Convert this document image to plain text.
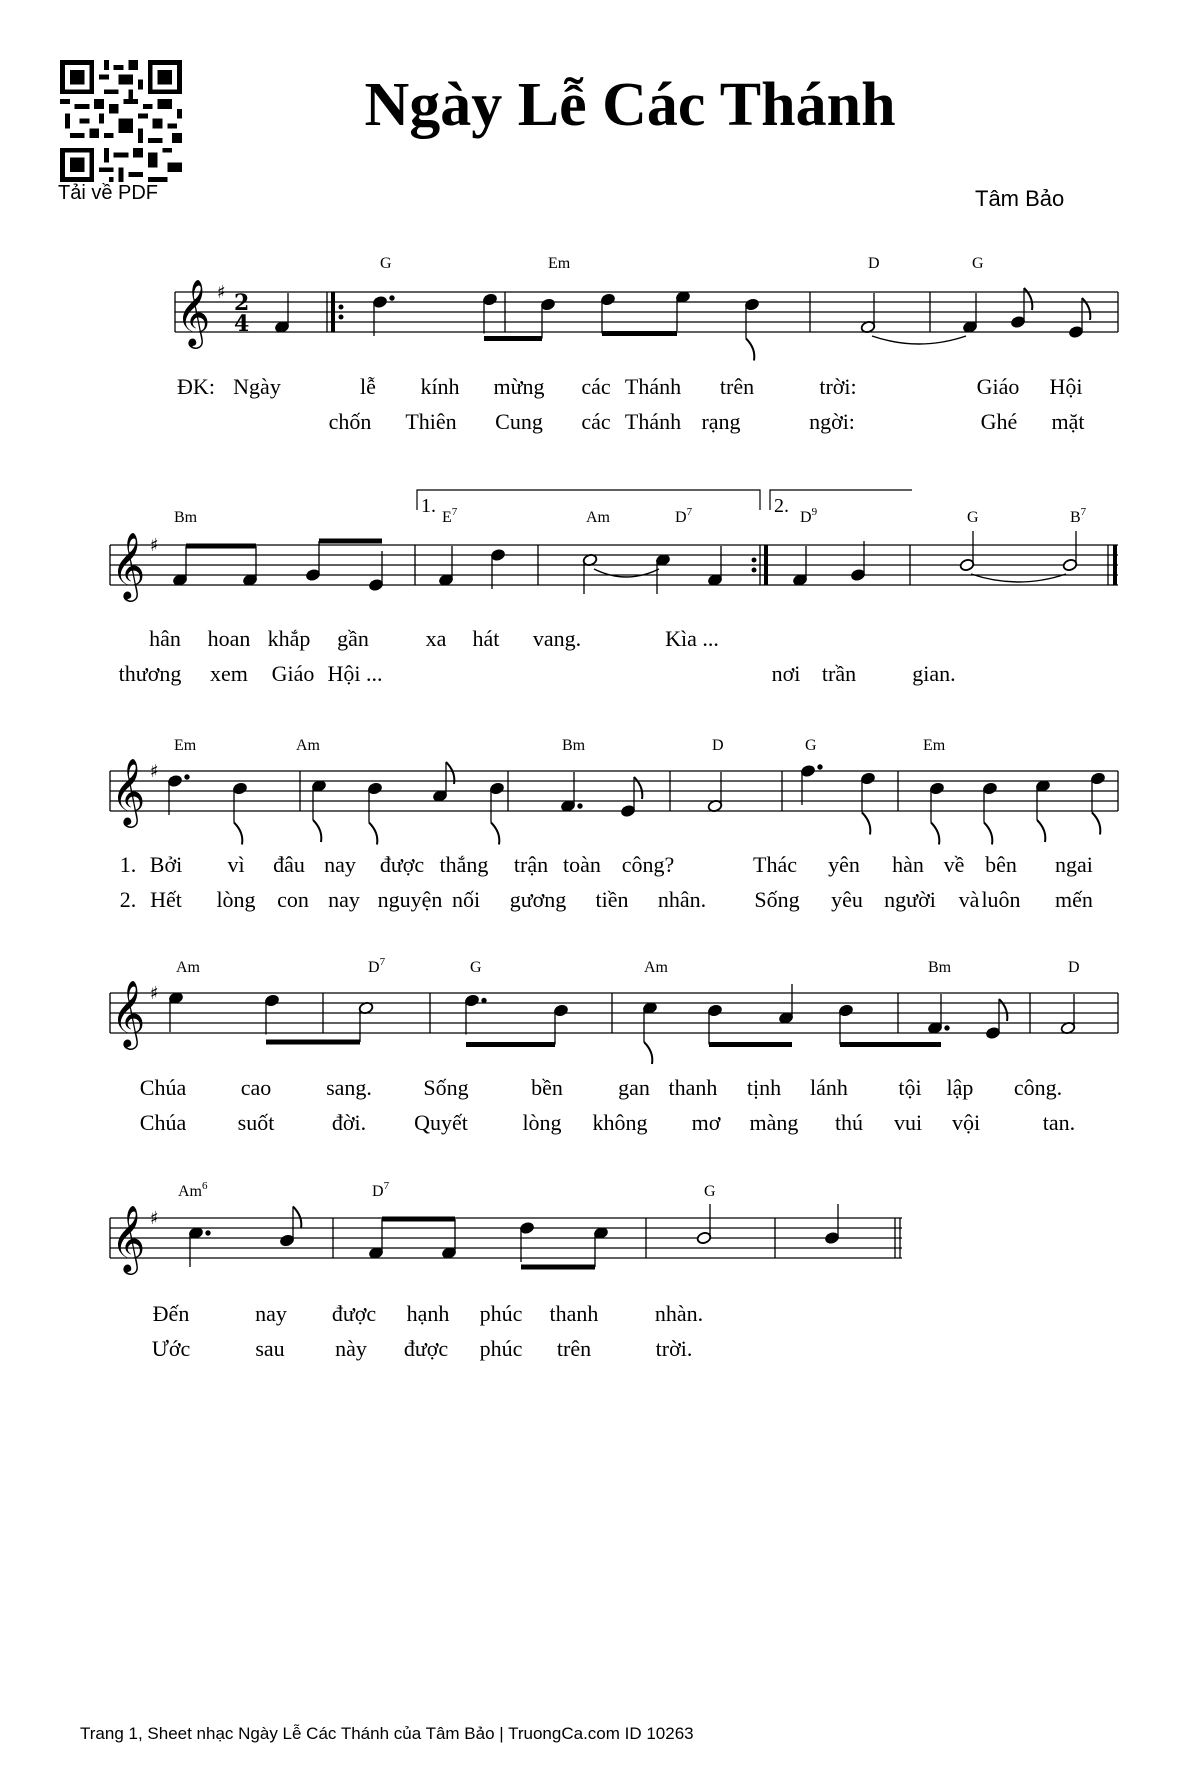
Tải về PDF
Ngày Lễ Các Thánh
Tâm Bảo
1.	2.
𝄞
𝄞
𝄞
𝄞
𝄞
♯
♯
♯
♯
♯
2
4
G	Em	D	G
Bm	$E^7$	Am	$D^7$	$D^9$	G	$B^7$
Em	Am	Bm	D	G	Em
Am	$D^7$	G	Am	Bm	D
Am$^6$	$D^7$	G
ĐK: Ngày	lễ kính mừng các Thánh trên	trời:	Giáo Hội
chốn Thiên Cung các Thánh rạng	ngời:	Ghé mặt
hân hoan khắp gần	xa hát vang.	Kìa ...
thương xem Giáo Hội ...	nơi trần	gian.
1. Bởi vì đâu nay được thắng trận toàn công?	Thác yên hàn về bên ngai
2. Hết lòng con nay nguyện nối gương tiền nhân. Sống yêu người và luôn mến
Chúa cao sang. Sống	bền	gan thanh tịnh lánh tội lập công.
Chúa suốt	đời. Quyết lòng không mơ màng thú vui vội	tan.
Đến	nay được hạnh phúc thanh	nhàn.
Ước	sau này được phúc trên	trời.
Trang 1, Sheet nhạc Ngày Lễ Các Thánh của Tâm Bảo | TruongCa.com ID 10263
